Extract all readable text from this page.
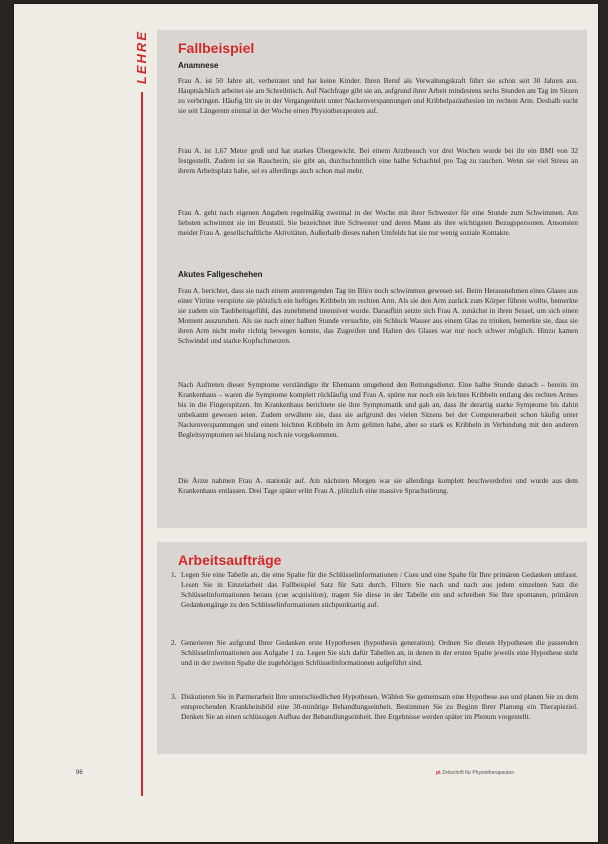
LEHRE Fallbeispiel
Anamnese

Frau A. ist 50 Jahre alt, verheiratet und hat keine Kinder. Ihren Beruf als Verwaltungskraft führt sie schon seit 30 Jahren aus. Hauptsächlich arbeitet sie am Schreibtisch. Auf Nachfrage gibt sie an, aufgrund ihrer Arbeit mindestens sechs Stunden am Tag im Sitzen zu verbringen. Häufig litt sie in der Vergangenheit unter Nackenverspannungen und Kribbelparästhesien im rechten Arm. Deshalb sucht sie seit Längerem einmal in der Woche einen Physiotherapeuten auf.

Frau A. ist 1,67 Meter groß und hat starkes Übergewicht. Bei einem Arztbesuch vor drei Wochen wurde bei ihr ein BMI von 32 festgestellt. Zudem ist sie Raucherin, sie gibt an, durchschnittlich eine halbe Schachtel pro Tag zu rauchen. Wenn sie viel Stress an ihrem Arbeitsplatz habe, sei es allerdings auch schon mal mehr.

Frau A. geht nach eigenen Angaben regelmäßig zweimal in der Woche mit ihrer Schwester für eine Stunde zum Schwimmen. Am liebsten schwimmt sie im Bruststil. Sie bezeichnet ihre Schwester und deren Mann als ihre wichtigsten Bezugspersonen. Ansonsten meidet Frau A. gesellschaftliche Aktivitäten. Außerhalb dieses nahen Umfelds hat sie nur wenig soziale Kontakte.

Akutes Fallgeschehen

Frau A. berichtet, dass sie nach einem anstrengenden Tag im Büro noch schwimmen gewesen sei. Beim Herausnehmen eines Glases aus einer Vitrine verspürte sie plötzlich ein heftiges Kribbeln im rechten Arm. Als sie den Arm zurück zum Körper führen wollte, bemerkte sie zudem ein Taubheitsgefühl, das zunehmend intensiver wurde. Daraufhin setzte sich Frau A. zunächst in ihren Sessel, um sich einen Moment auszuruhen. Als sie nach einer halben Stunde versuchte, ein Schluck Wasser aus einem Glas zu trinken, bemerkte sie, dass sie ihren Arm nicht mehr richtig bewegen konnte, das Zugreifen und Halten des Glases war nur noch schwer möglich. Hinzu kamen Schwindel und starke Kopfschmerzen.

Nach Auftreten dieser Symptome verständigte ihr Ehemann umgehend den Rettungsdienst. Eine halbe Stunde danach – bereits im Krankenhaus – waren die Symptome komplett rückläufig und Frau A. spürte nur noch ein leichtes Kribbeln entlang des rechten Armes bis in die Fingerspitzen. Im Krankenhaus berichtete sie ihre Symptomatik und gab an, dass ihr derartig starke Symptome bis dahin unbekannt gewesen seien. Zudem erwähnte sie, dass sie aufgrund des vielen Sitzens bei der Computerarbeit schon häufig unter Nackenverspannungen und einem leichten Kribbeln im Arm gelitten habe, aber so stark es Kribbeln in Verbindung mit den anderen Begleitsymptomen sei bislang noch nie vorgekommen.

Die Ärzte nahmen Frau A. stationär auf. Am nächsten Morgen war sie allerdings komplett beschwerdefrei und wurde aus dem Krankenhaus entlassen. Drei Tage später erlitt Frau A. plötzlich eine massive Sprachstörung.

Arbeitsaufträge
1. Legen Sie eine Tabelle an, die eine Spalte für die Schlüsselinformationen / Cues und eine Spalte für Ihre primären Gedanken umfasst. Lesen Sie in Einzelarbeit das Fallbeispiel Satz für Satz durch. Filtern Sie nach und nach aus jedem einzelnen Satz die Schlüsselinformationen heraus (cue acquisition), tragen Sie diese in der Tabelle ein und schreiben Sie Ihre spontanen, primären Gedankengänge zu den Schlüsselinformationen stichpunktartig auf.
2. Generieren Sie aufgrund Ihrer Gedanken erste Hypothesen (hypothesis generation). Ordnen Sie diesen Hypothesen die passenden Schlüsselinformationen aus Aufgabe 1 zu. Legen Sie sich dafür Tabellen an, in denen in der ersten Spalte jeweils eine Hypothese steht und in der zweiten Spalte die zugehörigen Schlüsselinformationen aufgeführt sind.
3. Diskutieren Sie in Partnerarbeit Ihre unterschiedlichen Hypothesen. Wählen Sie gemeinsam eine Hypothese aus und planen Sie zu dem entsprechenden Krankheitsbild eine 30-minütige Behandlungseinheit. Bestimmen Sie zu Beginn Ihrer Planung ein Therapieziel. Denken Sie an einen schlüssigen Aufbau der Behandlungseinheit. Ihre Ergebnisse werden später im Plenum vorgestellt.
96	pt Zeitschrift für Physiotherapeuten
